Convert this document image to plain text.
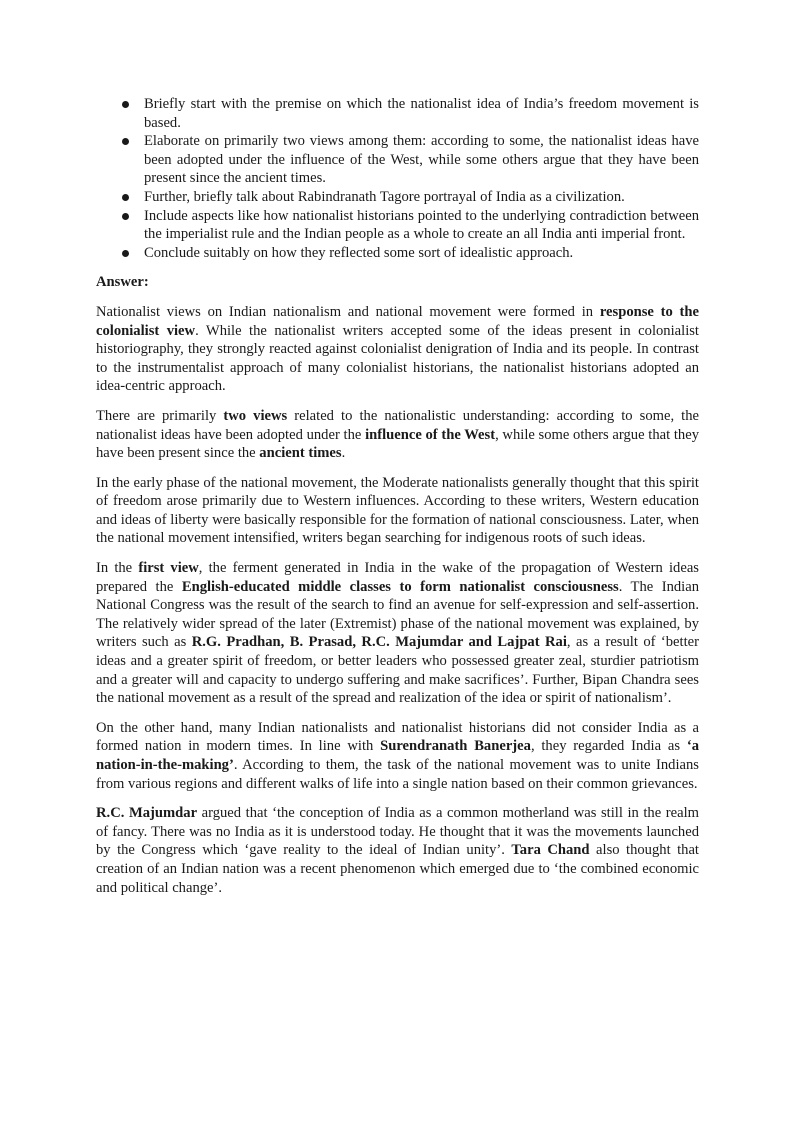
Briefly start with the premise on which the nationalist idea of India’s freedom movement is based.
Elaborate on primarily two views among them: according to some, the nationalist ideas have been adopted under the influence of the West, while some others argue that they have been present since the ancient times.
Further, briefly talk about Rabindranath Tagore portrayal of India as a civilization.
Include aspects like how nationalist historians pointed to the underlying contradiction between the imperialist rule and the Indian people as a whole to create an all India anti imperial front.
Conclude suitably on how they reflected some sort of idealistic approach.
Answer:

Nationalist views on Indian nationalism and national movement were formed in response to the colonialist view. While the nationalist writers accepted some of the ideas present in colonialist historiography, they strongly reacted against colonialist denigration of India and its people. In contrast to the instrumentalist approach of many colonialist historians, the nationalist historians adopted an idea-centric approach.

There are primarily two views related to the nationalistic understanding: according to some, the nationalist ideas have been adopted under the influence of the West, while some others argue that they have been present since the ancient times.

In the early phase of the national movement, the Moderate nationalists generally thought that this spirit of freedom arose primarily due to Western influences. According to these writers, Western education and ideas of liberty were basically responsible for the formation of national consciousness. Later, when the national movement intensified, writers began searching for indigenous roots of such ideas.

In the first view, the ferment generated in India in the wake of the propagation of Western ideas prepared the English-educated middle classes to form nationalist consciousness. The Indian National Congress was the result of the search to find an avenue for self-expression and self-assertion. The relatively wider spread of the later (Extremist) phase of the national movement was explained, by writers such as R.G. Pradhan, B. Prasad, R.C. Majumdar and Lajpat Rai, as a result of ‘better ideas and a greater spirit of freedom, or better leaders who possessed greater zeal, sturdier patriotism and a greater will and capacity to undergo suffering and make sacrifices’. Further, Bipan Chandra sees the national movement as a result of the spread and realization of the idea or spirit of nationalism’.

On the other hand, many Indian nationalists and nationalist historians did not consider India as a formed nation in modern times. In line with Surendranath Banerjea, they regarded India as ‘a nation-in-the-making’. According to them, the task of the national movement was to unite Indians from various regions and different walks of life into a single nation based on their common grievances.

R.C. Majumdar argued that ‘the conception of India as a common motherland was still in the realm of fancy. There was no India as it is understood today. He thought that it was the movements launched by the Congress which ‘gave reality to the ideal of Indian unity’. Tara Chand also thought that creation of an Indian nation was a recent phenomenon which emerged due to ‘the combined economic and political change’.
